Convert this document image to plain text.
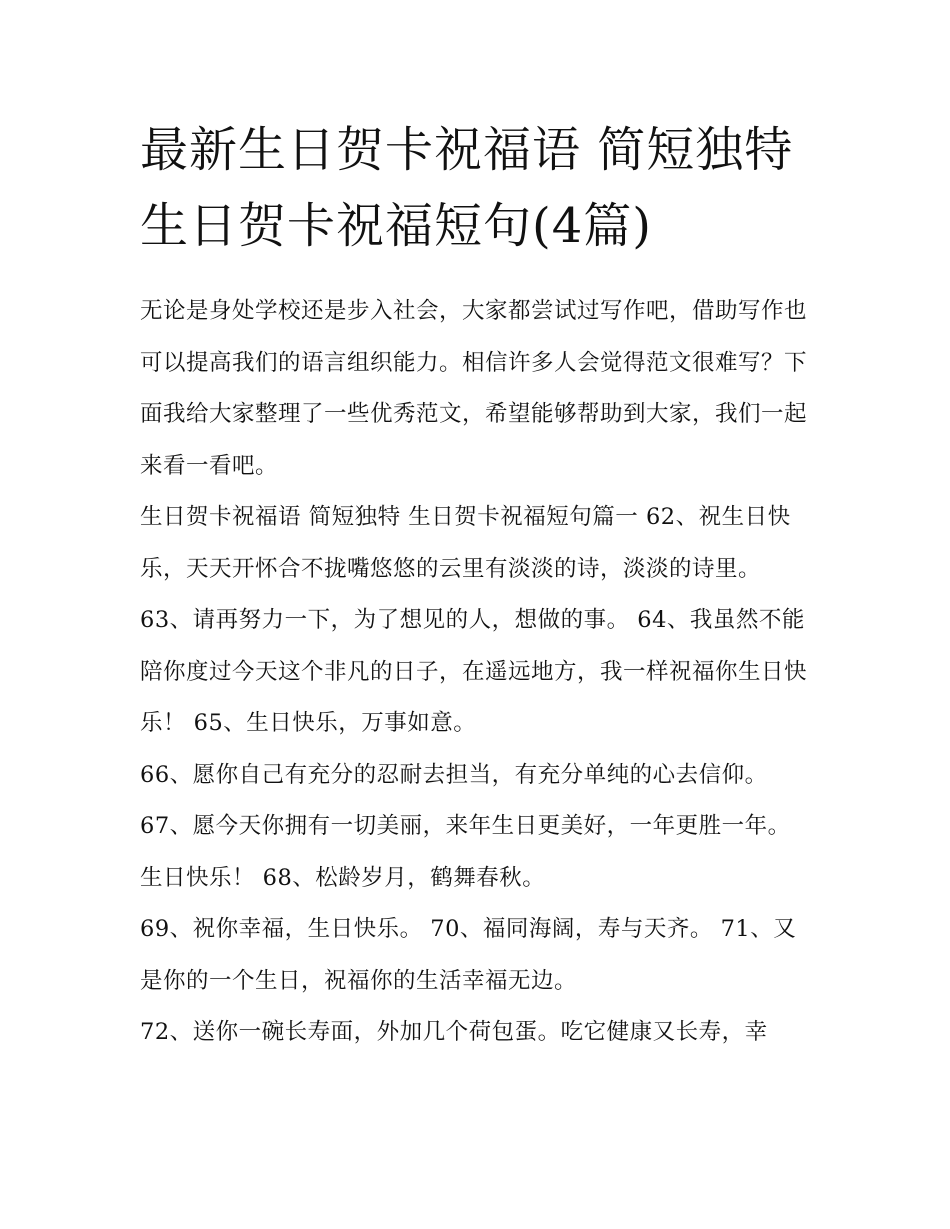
最新生日贺卡祝福语 简短独特生日贺卡祝福短句(4篇)

无论是身处学校还是步入社会，大家都尝试过写作吧，借助写作也可以提高我们的语言组织能力。相信许多人会觉得范文很难写？下面我给大家整理了一些优秀范文，希望能够帮助到大家，我们一起来看一看吧。

生日贺卡祝福语 简短独特 生日贺卡祝福短句篇一 62、祝生日快乐，天天开怀合不拢嘴悠悠的云里有淡淡的诗，淡淡的诗里。

63、请再努力一下，为了想见的人，想做的事。 64、我虽然不能陪你度过今天这个非凡的日子，在遥远地方，我一样祝福你生日快乐！ 65、生日快乐，万事如意。

66、愿你自己有充分的忍耐去担当，有充分单纯的心去信仰。

67、愿今天你拥有一切美丽，来年生日更美好，一年更胜一年。生日快乐！ 68、松龄岁月，鹤舞春秋。

69、祝你幸福，生日快乐。 70、福同海阔，寿与天齐。 71、又是你的一个生日，祝福你的生活幸福无边。

72、送你一碗长寿面，外加几个荷包蛋。吃它健康又长寿，幸
